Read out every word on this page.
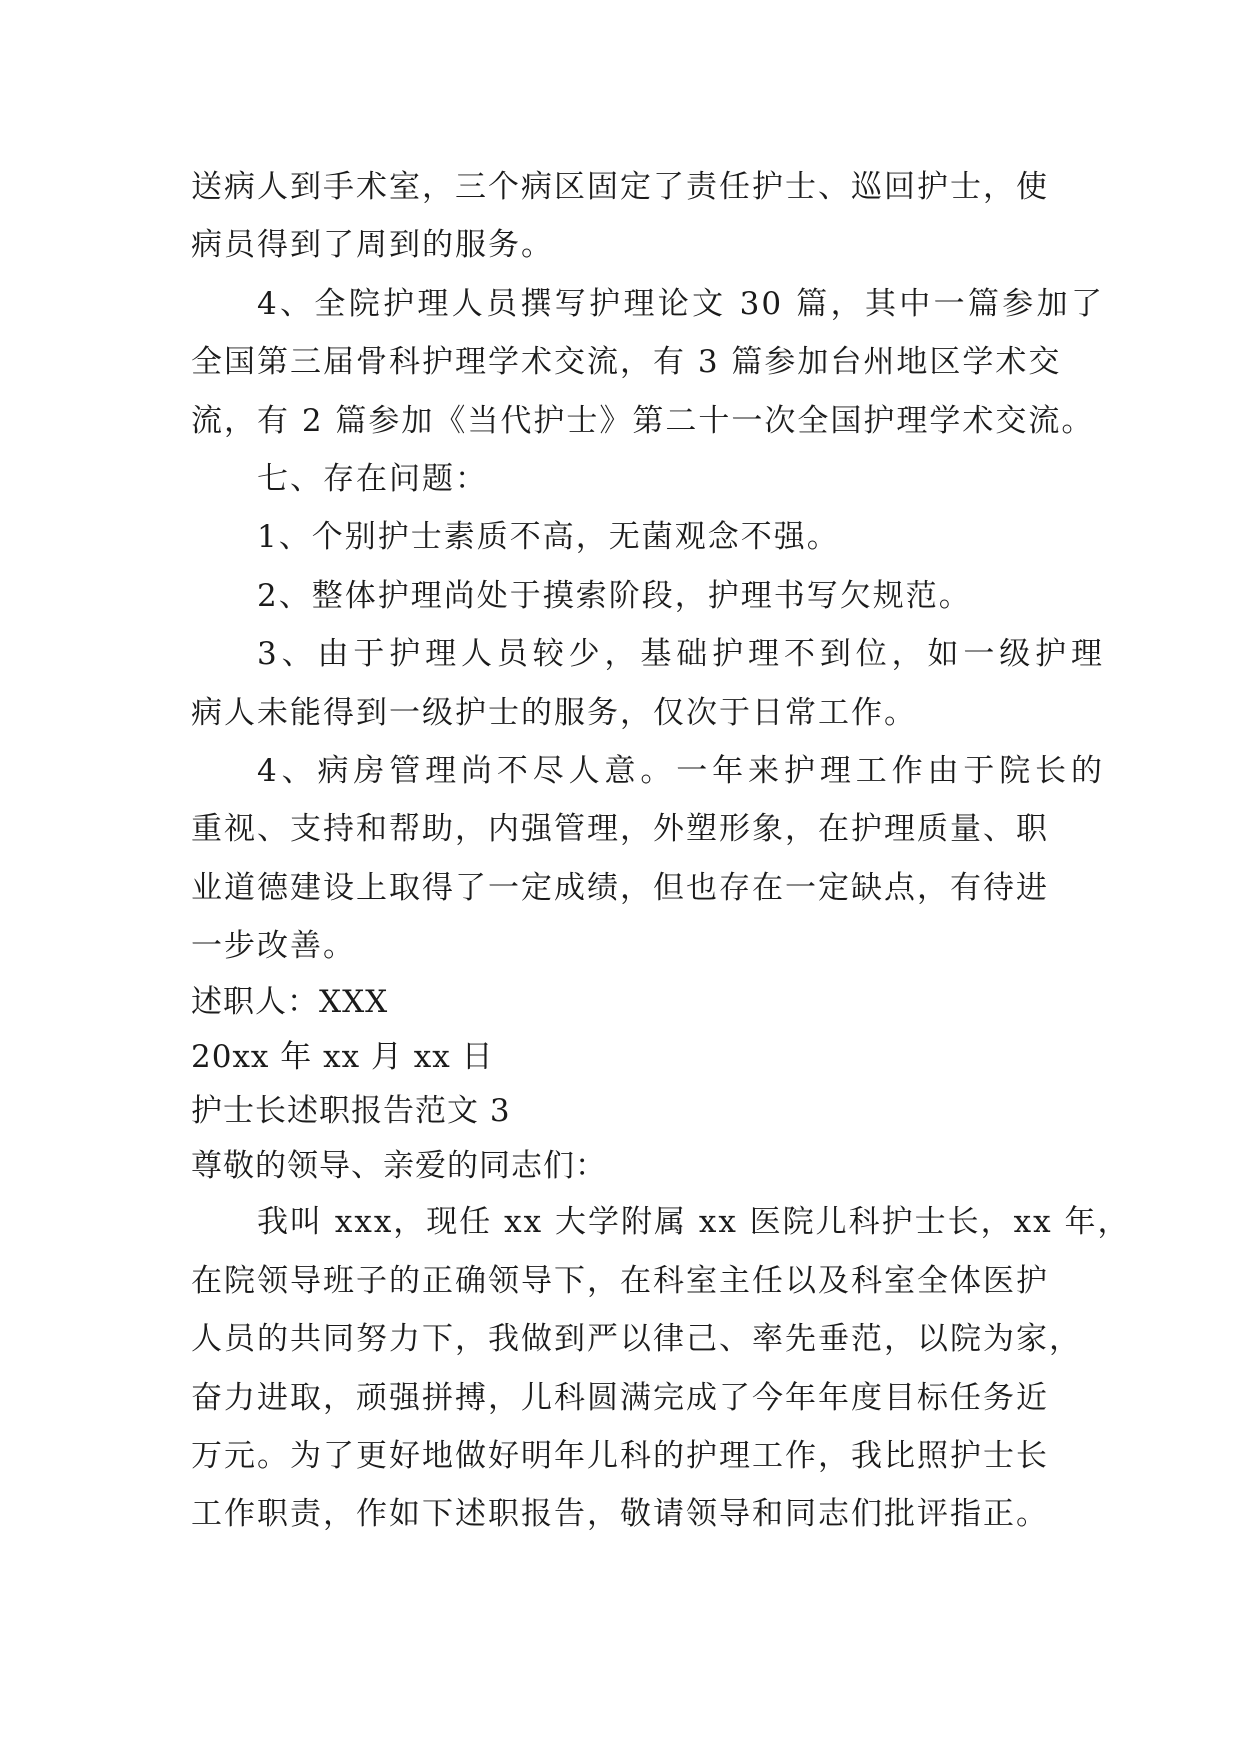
送病人到手术室，三个病区固定了责任护士、巡回护士，使
病员得到了周到的服务。
4、全院护理人员撰写护理论文 30 篇，其中一篇参加了
全国第三届骨科护理学术交流，有 3 篇参加台州地区学术交
流，有 2 篇参加《当代护士》第二十一次全国护理学术交流。
七、存在问题：
1、个别护士素质不高，无菌观念不强。
2、整体护理尚处于摸索阶段，护理书写欠规范。
3、由于护理人员较少，基础护理不到位，如一级护理
病人未能得到一级护士的服务，仅次于日常工作。
4、病房管理尚不尽人意。一年来护理工作由于院长的
重视、支持和帮助，内强管理，外塑形象，在护理质量、职
业道德建设上取得了一定成绩，但也存在一定缺点，有待进
一步改善。
述职人：XXX
20xx 年 xx 月 xx 日
护士长述职报告范文 3
尊敬的领导、亲爱的同志们：
我叫 xxx，现任 xx 大学附属 xx 医院儿科护士长，xx 年，
在院领导班子的正确领导下，在科室主任以及科室全体医护
人员的共同努力下，我做到严以律己、率先垂范，以院为家，
奋力进取，顽强拼搏，儿科圆满完成了今年年度目标任务近
万元。为了更好地做好明年儿科的护理工作，我比照护士长
工作职责，作如下述职报告，敬请领导和同志们批评指正。
